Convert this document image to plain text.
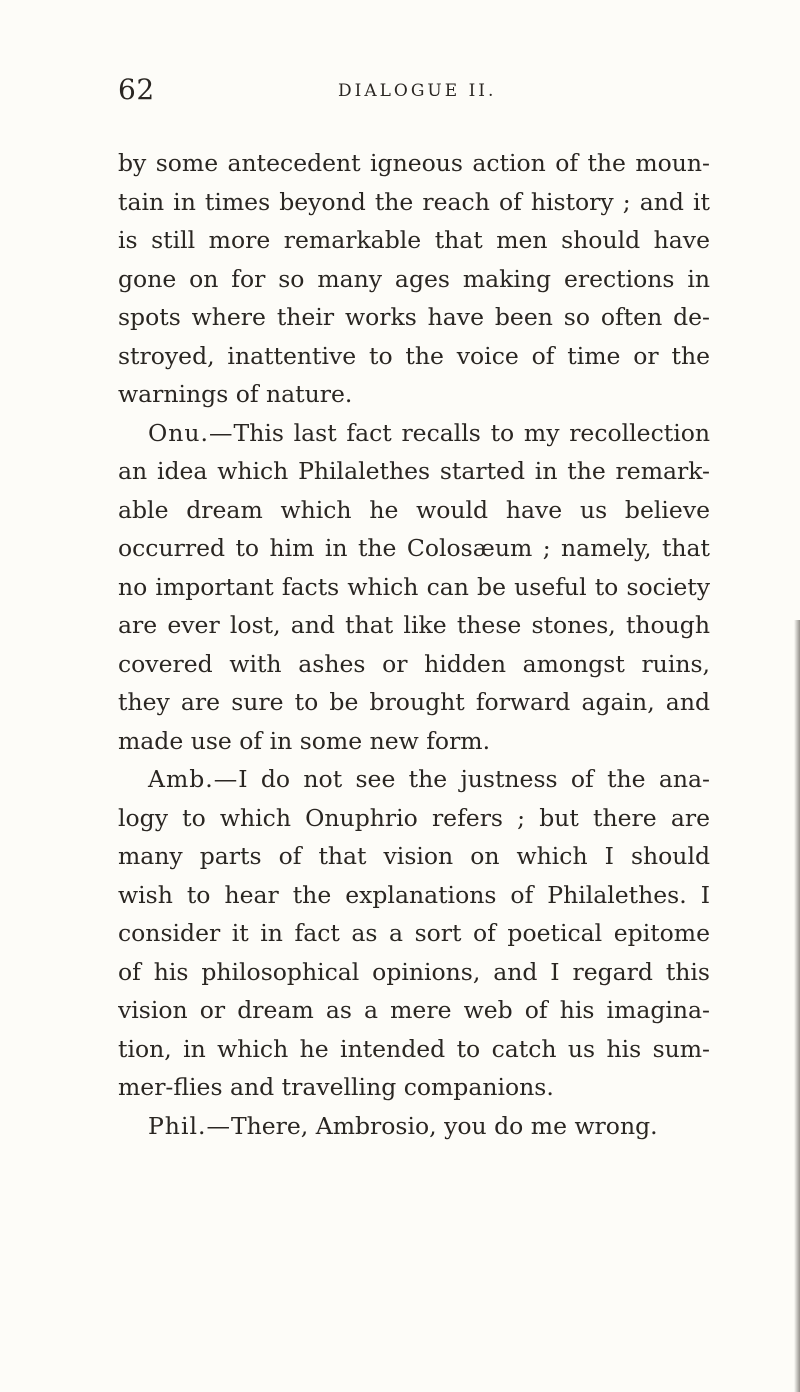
62	DIALOGUE II.
by some antecedent igneous action of the moun-
tain in times beyond the reach of history ; and it
is still more remarkable that men should have
gone on for so many ages making erections in
spots where their works have been so often de-
stroyed, inattentive to the voice of time or the
warnings of nature.
Onu.—This last fact recalls to my recollection
an idea which Philalethes started in the remark-
able dream which he would have us believe
occurred to him in the Colosæum ; namely, that
no important facts which can be useful to society
are ever lost, and that like these stones, though
covered with ashes or hidden amongst ruins,
they are sure to be brought forward again, and
made use of in some new form.
Amb.—I do not see the justness of the ana-
logy to which Onuphrio refers ; but there are
many parts of that vision on which I should
wish to hear the explanations of Philalethes. I
consider it in fact as a sort of poetical epitome
of his philosophical opinions, and I regard this
vision or dream as a mere web of his imagina-
tion, in which he intended to catch us his sum-
mer-flies and travelling companions.
Phil.—There, Ambrosio, you do me wrong.
